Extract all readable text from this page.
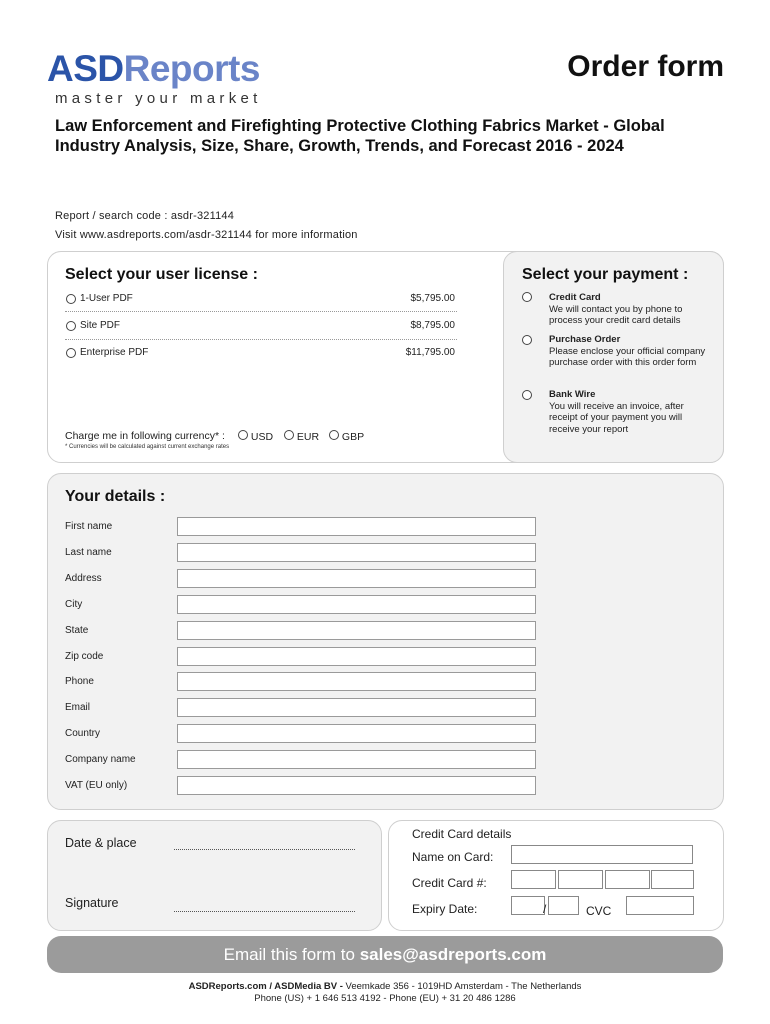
ASDReports
master your market
Order form
Law Enforcement and Firefighting Protective Clothing Fabrics Market - Global Industry Analysis, Size, Share, Growth, Trends, and Forecast 2016 - 2024
Report / search code : asdr-321144
Visit www.asdreports.com/asdr-321144 for more information
Select your user license :	Select your payment :
1-User PDF	$5,795.00
Site PDF	$8,795.00
Enterprise PDF	$11,795.00
Charge me in following currency* :	USD	EUR	GBP
* Currencies will be calculated against current exchange rates
Credit Card
We will contact you by phone to process your credit card details
Purchase Order
Please enclose your official company purchase order with this order form
Bank Wire
You will receive an invoice, after receipt of your payment you will receive your report
Your details :
First name
Last name
Address
City
State
Zip code
Phone
Email
Country
Company name
VAT (EU only)
Date & place
Signature
Credit Card details
Name on Card:
Credit Card #:
Expiry Date:	/	CVC
Email this form to sales@asdreports.com
ASDReports.com / ASDMedia BV - Veemkade 356 - 1019HD Amsterdam - The Netherlands
Phone (US) + 1 646 513 4192 - Phone (EU) + 31 20 486 1286
